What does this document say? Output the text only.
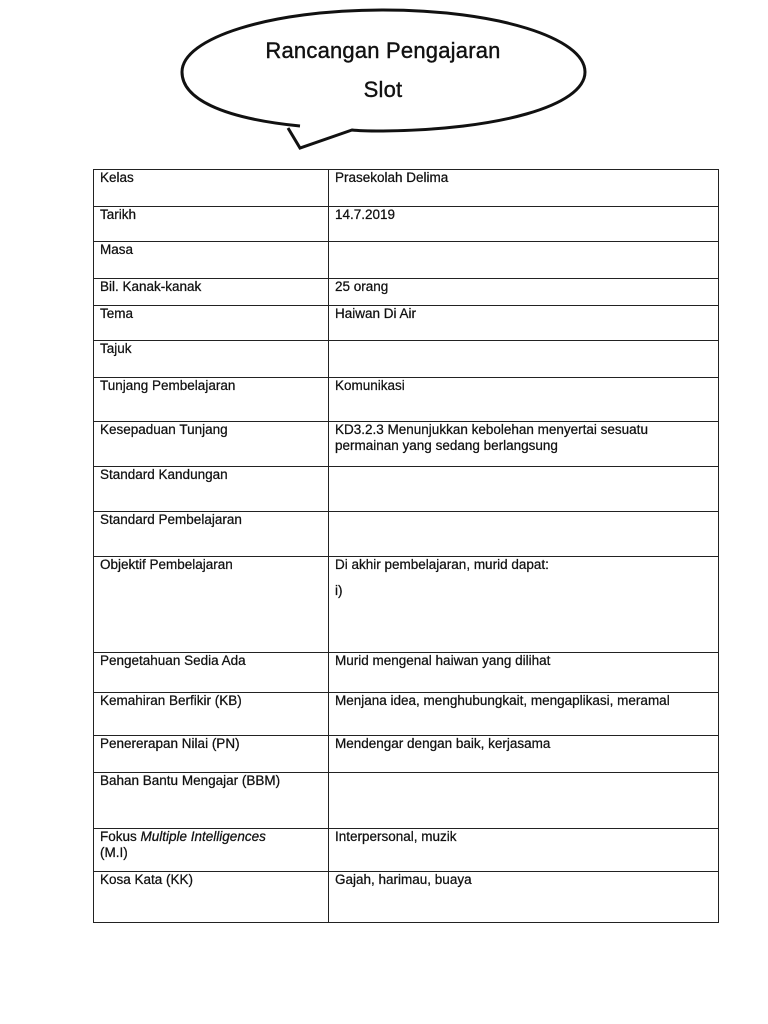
Rancangan Pengajaran
Slot
Kelas	Prasekolah Delima
Tarikh	14.7.2019
Masa	
Bil. Kanak-kanak	25 orang
Tema	Haiwan Di Air
Tajuk	
Tunjang Pembelajaran	Komunikasi
Kesepaduan Tunjang	KD3.2.3 Menunjukkan kebolehan menyertai sesuatu permainan yang sedang berlangsung
Standard Kandungan	
Standard Pembelajaran	
Objektif Pembelajaran	Di akhir pembelajaran, murid dapat:
i)

Pengetahuan Sedia Ada	Murid mengenal haiwan yang dilihat
Kemahiran Berfikir (KB)	Menjana idea, menghubungkait, mengaplikasi, meramal
Penererapan Nilai (PN)	Mendengar dengan baik, kerjasama
Bahan Bantu Mengajar (BBM)	
Fokus Multiple Intelligences
(M.I)	Interpersonal, muzik
Kosa Kata (KK)	Gajah, harimau, buaya
